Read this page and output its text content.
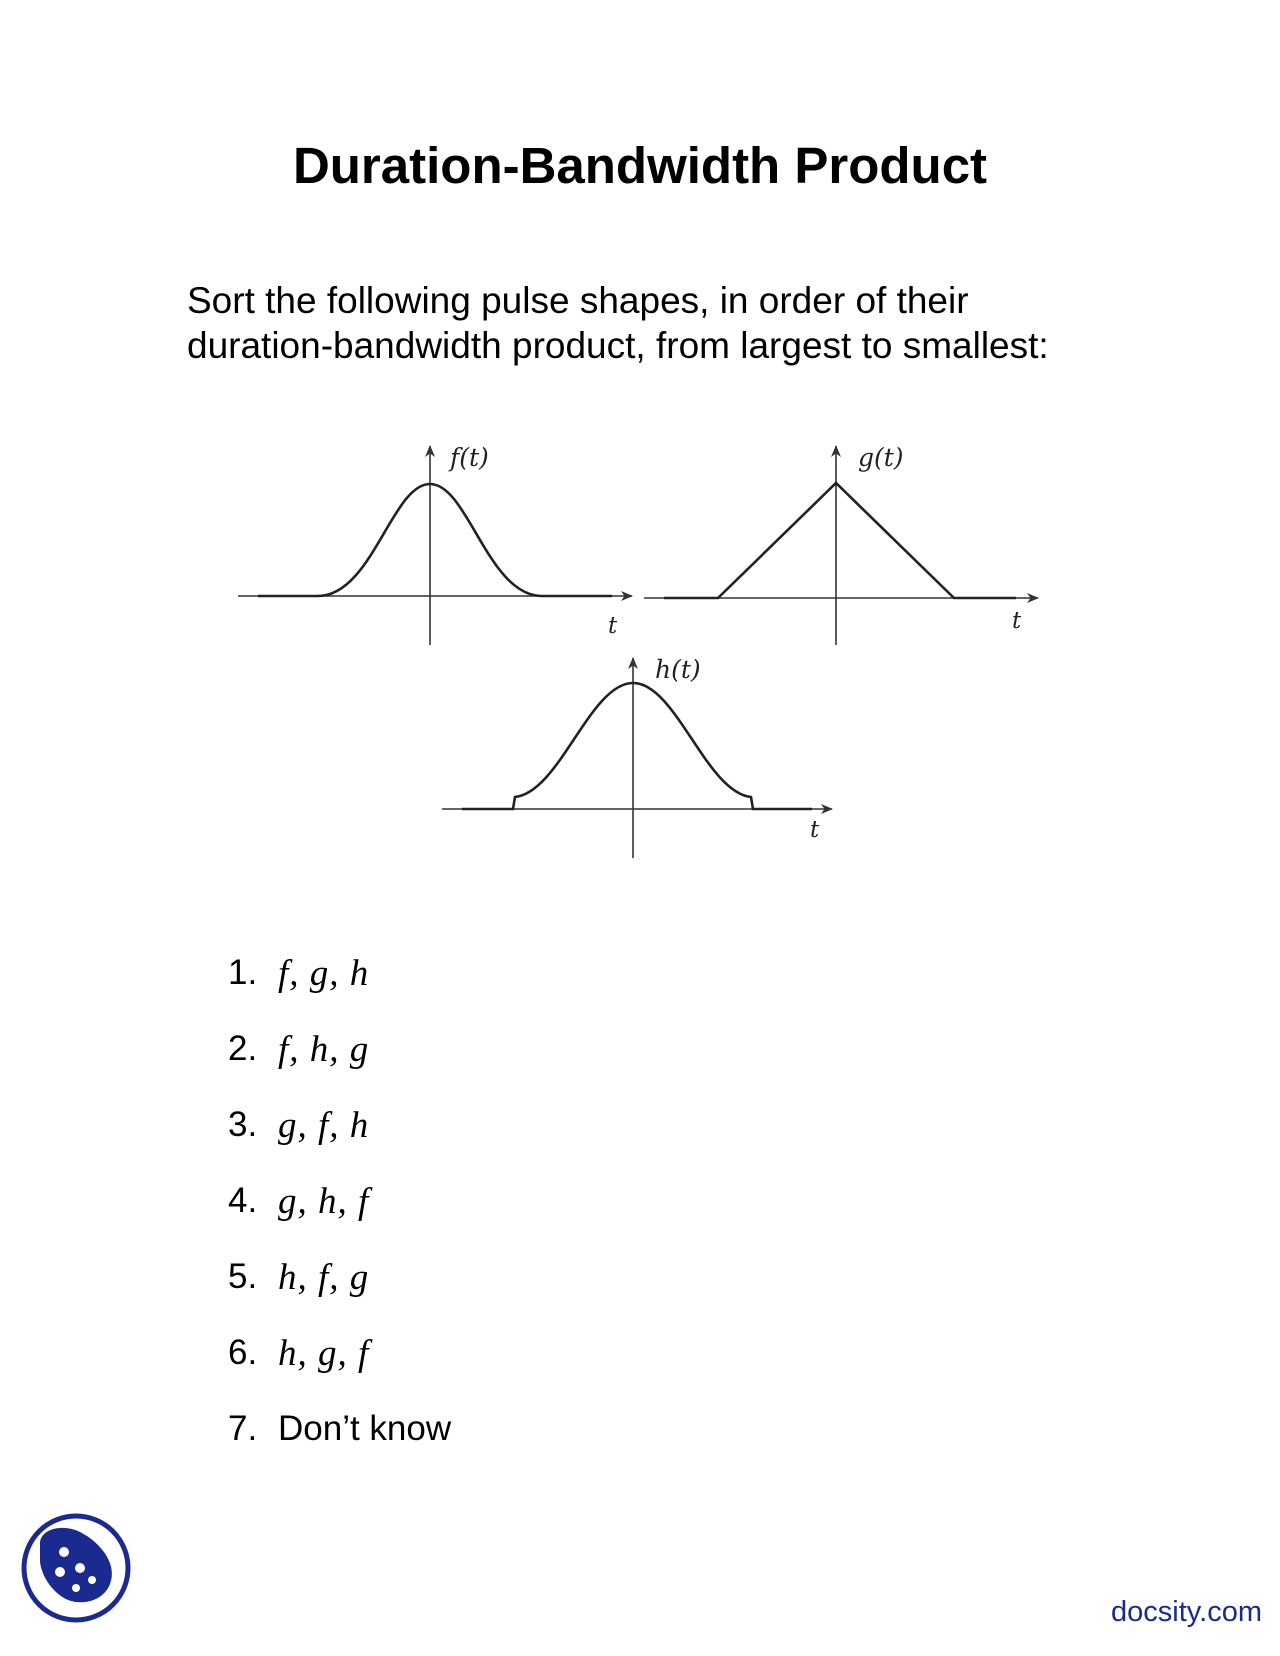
Duration-Bandwidth Product

Sort the following pulse shapes, in order of their
duration-bandwidth product, from largest to smallest:

f(t)
t
g(t)
t
h(t)
t
1. f, g, h
2. f, h, g
3. g, f, h
4. g, h, f
5. h, f, g
6. h, g, f
7. Don’t know
docsity.com
